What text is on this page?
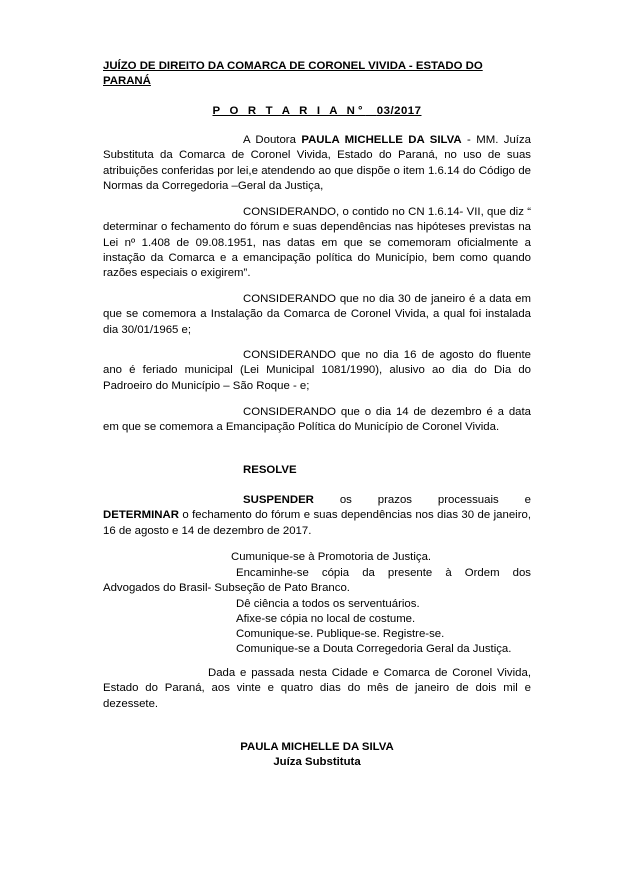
JUÍZO DE DIREITO DA COMARCA DE CORONEL VIVIDA - ESTADO DO PARANÁ
P O R T A R I A N° 03/2017
A Doutora PAULA MICHELLE DA SILVA - MM. Juíza Substituta da Comarca de Coronel Vivida, Estado do Paraná, no uso de suas atribuições conferidas por lei,e atendendo ao que dispõe o item 1.6.14 do Código de Normas da Corregedoria –Geral da Justiça,
CONSIDERANDO, o contido no CN 1.6.14- VII, que diz “ determinar o fechamento do fórum e suas dependências nas hipóteses previstas na Lei nº 1.408 de 09.08.1951, nas datas em que se comemoram oficialmente a instação da Comarca e a emancipação política do Município, bem como quando razões especiais o exigirem”.
CONSIDERANDO que no dia 30 de janeiro é a data em que se comemora a Instalação da Comarca de Coronel Vivida, a qual foi instalada dia 30/01/1965 e;
CONSIDERANDO que no dia 16 de agosto do fluente ano é feriado municipal (Lei Municipal 1081/1990), alusivo ao dia do Dia do Padroeiro do Município – São Roque - e;
CONSIDERANDO que o dia 14 de dezembro é a data em que se comemora a Emancipação Política do Município de Coronel Vivida.
RESOLVE
SUSPENDER os prazos processuais e
DETERMINAR o fechamento do fórum e suas dependências nos dias 30 de janeiro, 16 de agosto e 14 de dezembro de 2017.
Cumunique-se à Promotoria de Justiça.
Encaminhe-se cópia da presente à Ordem dos Advogados do Brasil- Subseção de Pato Branco.
Dê ciência a todos os serventuários.
Afixe-se cópia no local de costume.
Comunique-se. Publique-se. Registre-se.
Comunique-se a Douta Corregedoria Geral da Justiça.
Dada e passada nesta Cidade e Comarca de Coronel Vivida, Estado do Paraná, aos vinte e quatro dias do mês de janeiro de dois mil e dezessete.
PAULA MICHELLE DA SILVA
Juíza Substituta
